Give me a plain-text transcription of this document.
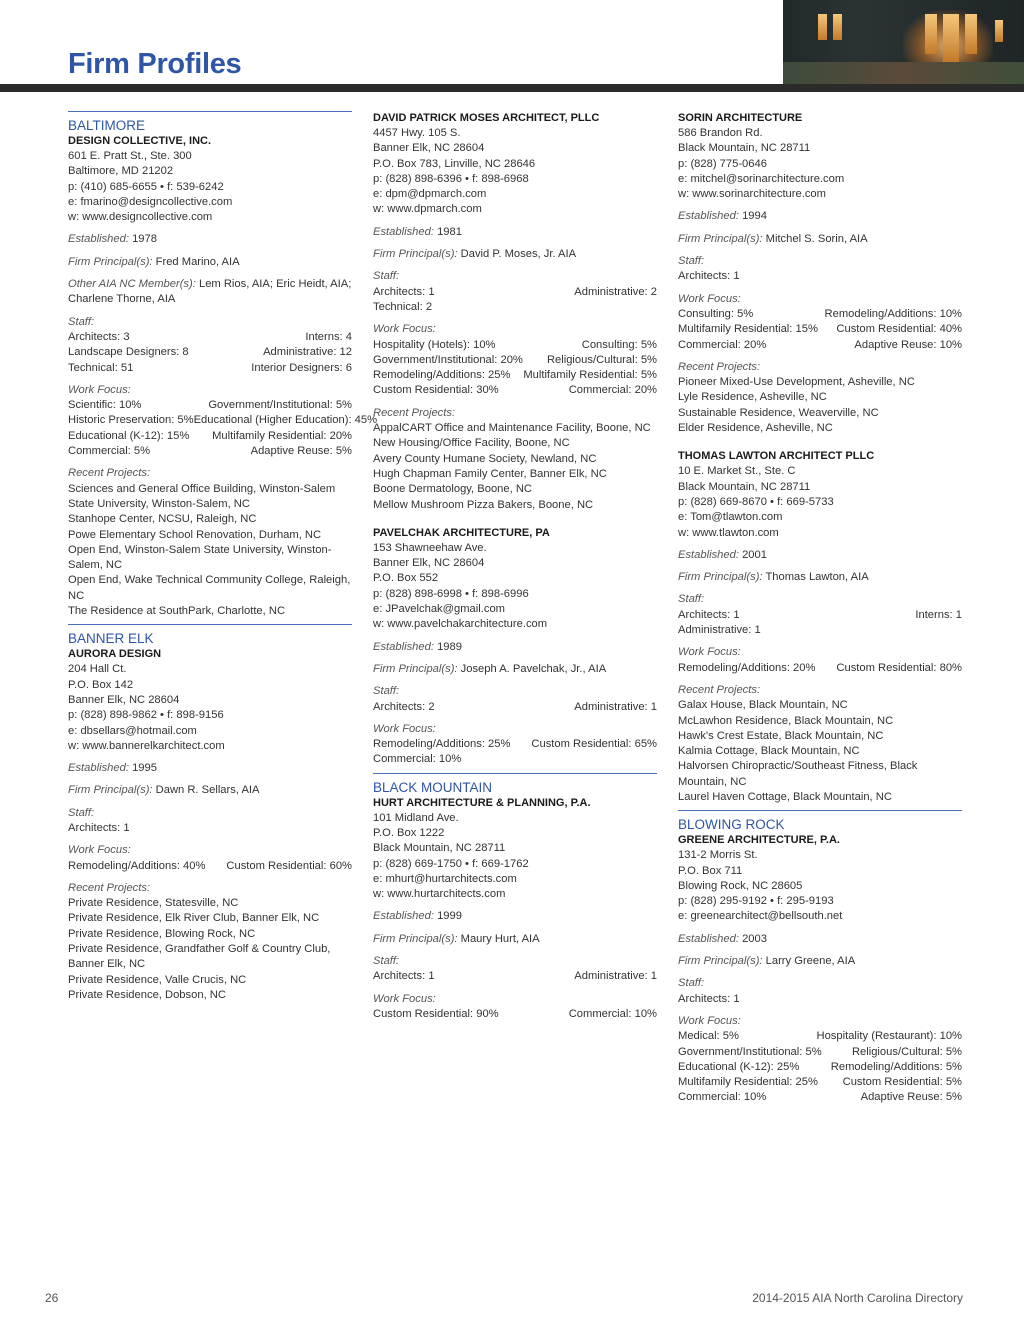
Firm Profiles
BALTIMORE
DESIGN COLLECTIVE, INC.
601 E. Pratt St., Ste. 300
Baltimore, MD 21202
p: (410) 685-6655 • f: 539-6242
e: fmarino@designcollective.com
w: www.designcollective.com
Established: 1978
Firm Principal(s): Fred Marino, AIA
Other AIA NC Member(s): Lem Rios, AIA; Eric Heidt, AIA; Charlene Thorne, AIA
Staff:
Architects: 3	Interns: 4
Landscape Designers: 8	Administrative: 12
Technical: 51	Interior Designers: 6
Work Focus:
Scientific: 10%	Government/Institutional: 5%
Historic Preservation: 5% Educational (Higher Education): 45%
Educational (K-12): 15% Multifamily Residential: 20%
Commercial: 5%	Adaptive Reuse: 5%
Recent Projects:
Sciences and General Office Building, Winston-Salem State University, Winston-Salem, NC
Stanhope Center, NCSU, Raleigh, NC
Powe Elementary School Renovation, Durham, NC
Open End, Winston-Salem State University, Winston-Salem, NC
Open End, Wake Technical Community College, Raleigh, NC
The Residence at SouthPark, Charlotte, NC
BANNER ELK
AURORA DESIGN
204 Hall Ct.
P.O. Box 142
Banner Elk, NC 28604
p: (828) 898-9862 • f: 898-9156
e: dbsellars@hotmail.com
w: www.bannerelkarchitect.com
Established: 1995
Firm Principal(s): Dawn R. Sellars, AIA
Staff:
Architects: 1
Work Focus:
Remodeling/Additions: 40% Custom Residential: 60%
Recent Projects:
Private Residence, Statesville, NC
Private Residence, Elk River Club, Banner Elk, NC
Private Residence, Blowing Rock, NC
Private Residence, Grandfather Golf & Country Club, Banner Elk, NC
Private Residence, Valle Crucis, NC
Private Residence, Dobson, NC
DAVID PATRICK MOSES ARCHITECT, PLLC
4457 Hwy. 105 S.
Banner Elk, NC 28604
P.O. Box 783, Linville, NC 28646
p: (828) 898-6396 • f: 898-6968
e: dpm@dpmarch.com
w: www.dpmarch.com
Established: 1981
Firm Principal(s): David P. Moses, Jr. AIA
Staff:
Architects: 1	Administrative: 2
Technical: 2
Work Focus:
Hospitality (Hotels): 10%	Consulting: 5%
Government/Institutional: 20% Religious/Cultural: 5%
Remodeling/Additions: 25% Multifamily Residential: 5%
Custom Residential: 30%	Commercial: 20%
Recent Projects:
AppalCART Office and Maintenance Facility, Boone, NC
New Housing/Office Facility, Boone, NC
Avery County Humane Society, Newland, NC
Hugh Chapman Family Center, Banner Elk, NC
Boone Dermatology, Boone, NC
Mellow Mushroom Pizza Bakers, Boone, NC
PAVELCHAK ARCHITECTURE, PA
153 Shawneehaw Ave.
Banner Elk, NC 28604
P.O. Box 552
p: (828) 898-6998 • f: 898-6996
e: JPavelchak@gmail.com
w: www.pavelchakarchitecture.com
Established: 1989
Firm Principal(s): Joseph A. Pavelchak, Jr., AIA
Staff:
Architects: 2	Administrative: 1
Work Focus:
Remodeling/Additions: 25% Custom Residential: 65%
Commercial: 10%
BLACK MOUNTAIN
HURT ARCHITECTURE & PLANNING, P.A.
101 Midland Ave.
P.O. Box 1222
Black Mountain, NC 28711
p: (828) 669-1750 • f: 669-1762
e: mhurt@hurtarchitects.com
w: www.hurtarchitects.com
Established: 1999
Firm Principal(s): Maury Hurt, AIA
Staff:
Architects: 1	Administrative: 1
Work Focus:
Custom Residential: 90%	Commercial: 10%
SORIN ARCHITECTURE
586 Brandon Rd.
Black Mountain, NC 28711
p: (828) 775-0646
e: mitchel@sorinarchitecture.com
w: www.sorinarchitecture.com
Established: 1994
Firm Principal(s): Mitchel S. Sorin, AIA
Staff:
Architects: 1
Work Focus:
Consulting: 5%	Remodeling/Additions: 10%
Multifamily Residential: 15% Custom Residential: 40%
Commercial: 20%	Adaptive Reuse: 10%
Recent Projects:
Pioneer Mixed-Use Development, Asheville, NC
Lyle Residence, Asheville, NC
Sustainable Residence, Weaverville, NC
Elder Residence, Asheville, NC
THOMAS LAWTON ARCHITECT PLLC
10 E. Market St., Ste. C
Black Mountain, NC 28711
p: (828) 669-8670 • f: 669-5733
e: Tom@tlawton.com
w: www.tlawton.com
Established: 2001
Firm Principal(s): Thomas Lawton, AIA
Staff:
Architects: 1	Interns: 1
Administrative: 1
Work Focus:
Remodeling/Additions: 20% Custom Residential: 80%
Recent Projects:
Galax House, Black Mountain, NC
McLawhon Residence, Black Mountain, NC
Hawk's Crest Estate, Black Mountain, NC
Kalmia Cottage, Black Mountain, NC
Halvorsen Chiropractic/Southeast Fitness, Black Mountain, NC
Laurel Haven Cottage, Black Mountain, NC
BLOWING ROCK
GREENE ARCHITECTURE, P.A.
131-2 Morris St.
P.O. Box 711
Blowing Rock, NC 28605
p: (828) 295-9192 • f: 295-9193
e: greenearchitect@bellsouth.net
Established: 2003
Firm Principal(s): Larry Greene, AIA
Staff:
Architects: 1
Work Focus:
Medical: 5%	Hospitality (Restaurant): 10%
Government/Institutional: 5%	Religious/Cultural: 5%
Educational (K-12): 25%	Remodeling/Additions: 5%
Multifamily Residential: 25% Custom Residential: 5%
Commercial: 10%	Adaptive Reuse: 5%
26	2014-2015 AIA North Carolina Directory
